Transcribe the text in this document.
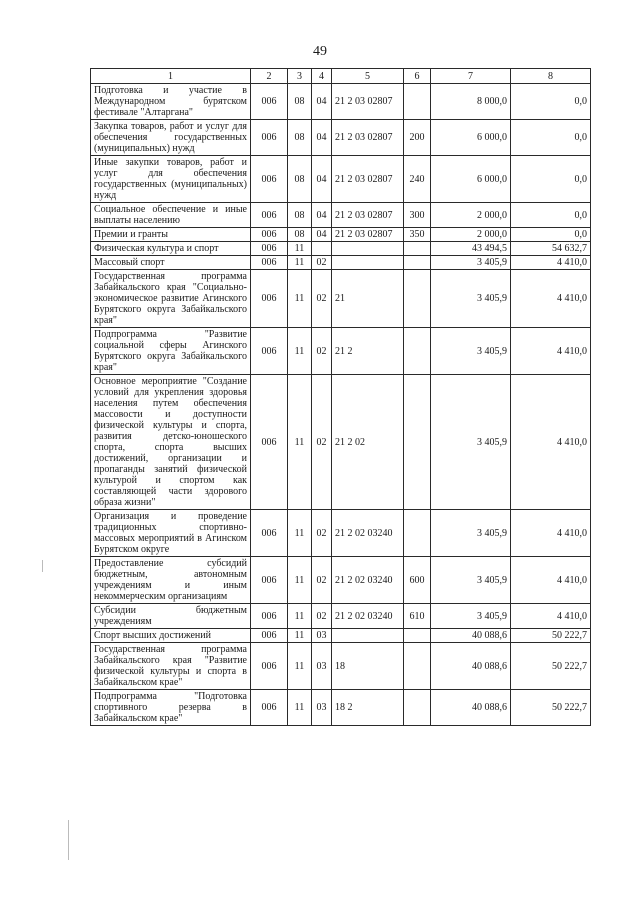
49
1	2	3	4	5	6	7	8
Подготовка и участие в Международном бурятском фестивале "Алтаргана"	006	08	04	21 2 03 02807		8 000,0	0,0
Закупка товаров, работ и услуг для обеспечения государственных (муниципальных) нужд	006	08	04	21 2 03 02807	200	6 000,0	0,0
Иные закупки товаров, работ и услуг для обеспечения государственных (муниципальных) нужд	006	08	04	21 2 03 02807	240	6 000,0	0,0
Социальное обеспечение и иные выплаты населению	006	08	04	21 2 03 02807	300	2 000,0	0,0
Премии и гранты	006	08	04	21 2 03 02807	350	2 000,0	0,0
Физическая культура и спорт	006	11				43 494,5	54 632,7
Массовый спорт	006	11	02			3 405,9	4 410,0
Государственная программа Забайкальского края "Социально-экономическое развитие Агинского Бурятского округа Забайкальского края"	006	11	02	21		3 405,9	4 410,0
Подпрограмма "Развитие социальной сферы Агинского Бурятского округа Забайкальского края"	006	11	02	21 2		3 405,9	4 410,0
Основное мероприятие "Создание условий для укрепления здоровья населения путем обеспечения массовости и доступности физической культуры и спорта, развития детско-юношеского спорта, спорта высших достижений, организации и пропаганды занятий физической культурой и спортом как составляющей части здорового образа жизни"	006	11	02	21 2 02		3 405,9	4 410,0
Организация и проведение традиционных спортивно-массовых мероприятий в Агинском Бурятском округе	006	11	02	21 2 02 03240		3 405,9	4 410,0
Предоставление субсидий бюджетным, автономным учреждениям и иным некоммерческим организациям	006	11	02	21 2 02 03240	600	3 405,9	4 410,0
Субсидии бюджетным учреждениям	006	11	02	21 2 02 03240	610	3 405,9	4 410,0
Спорт высших достижений	006	11	03			40 088,6	50 222,7
Государственная программа Забайкальского края "Развитие физической культуры и спорта в Забайкальском крае"	006	11	03	18		40 088,6	50 222,7
Подпрограмма "Подготовка спортивного резерва в Забайкальском крае"	006	11	03	18 2		40 088,6	50 222,7
